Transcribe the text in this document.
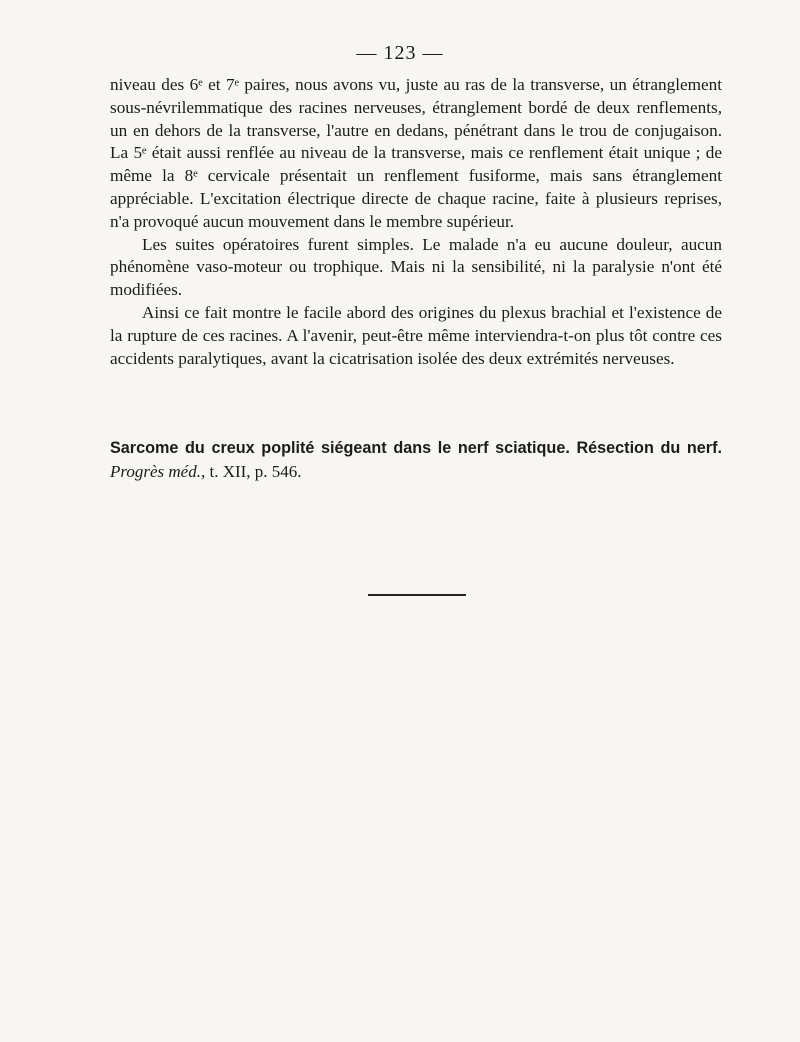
— 123 —

niveau des 6ᵉ et 7ᵉ paires, nous avons vu, juste au ras de la transverse, un étranglement sous-névrilemmatique des racines nerveuses, étranglement bordé de deux renflements, un en dehors de la transverse, l'autre en dedans, pénétrant dans le trou de conjugaison. La 5ᵉ était aussi renflée au niveau de la transverse, mais ce renflement était unique ; de même la 8ᵉ cervicale présentait un renflement fusiforme, mais sans étranglement appréciable. L'excitation électrique directe de chaque racine, faite à plusieurs reprises, n'a provoqué aucun mouvement dans le membre supérieur.

Les suites opératoires furent simples. Le malade n'a eu aucune douleur, aucun phénomène vaso-moteur ou trophique. Mais ni la sensibilité, ni la paralysie n'ont été modifiées.

Ainsi ce fait montre le facile abord des origines du plexus brachial et l'existence de la rupture de ces racines. A l'avenir, peut-être même interviendra-t-on plus tôt contre ces accidents paralytiques, avant la cicatrisation isolée des deux extrémités nerveuses.

Sarcome du creux poplité siégeant dans le nerf sciatique. Résection du nerf. Progrès méd., t. XII, p. 546.
